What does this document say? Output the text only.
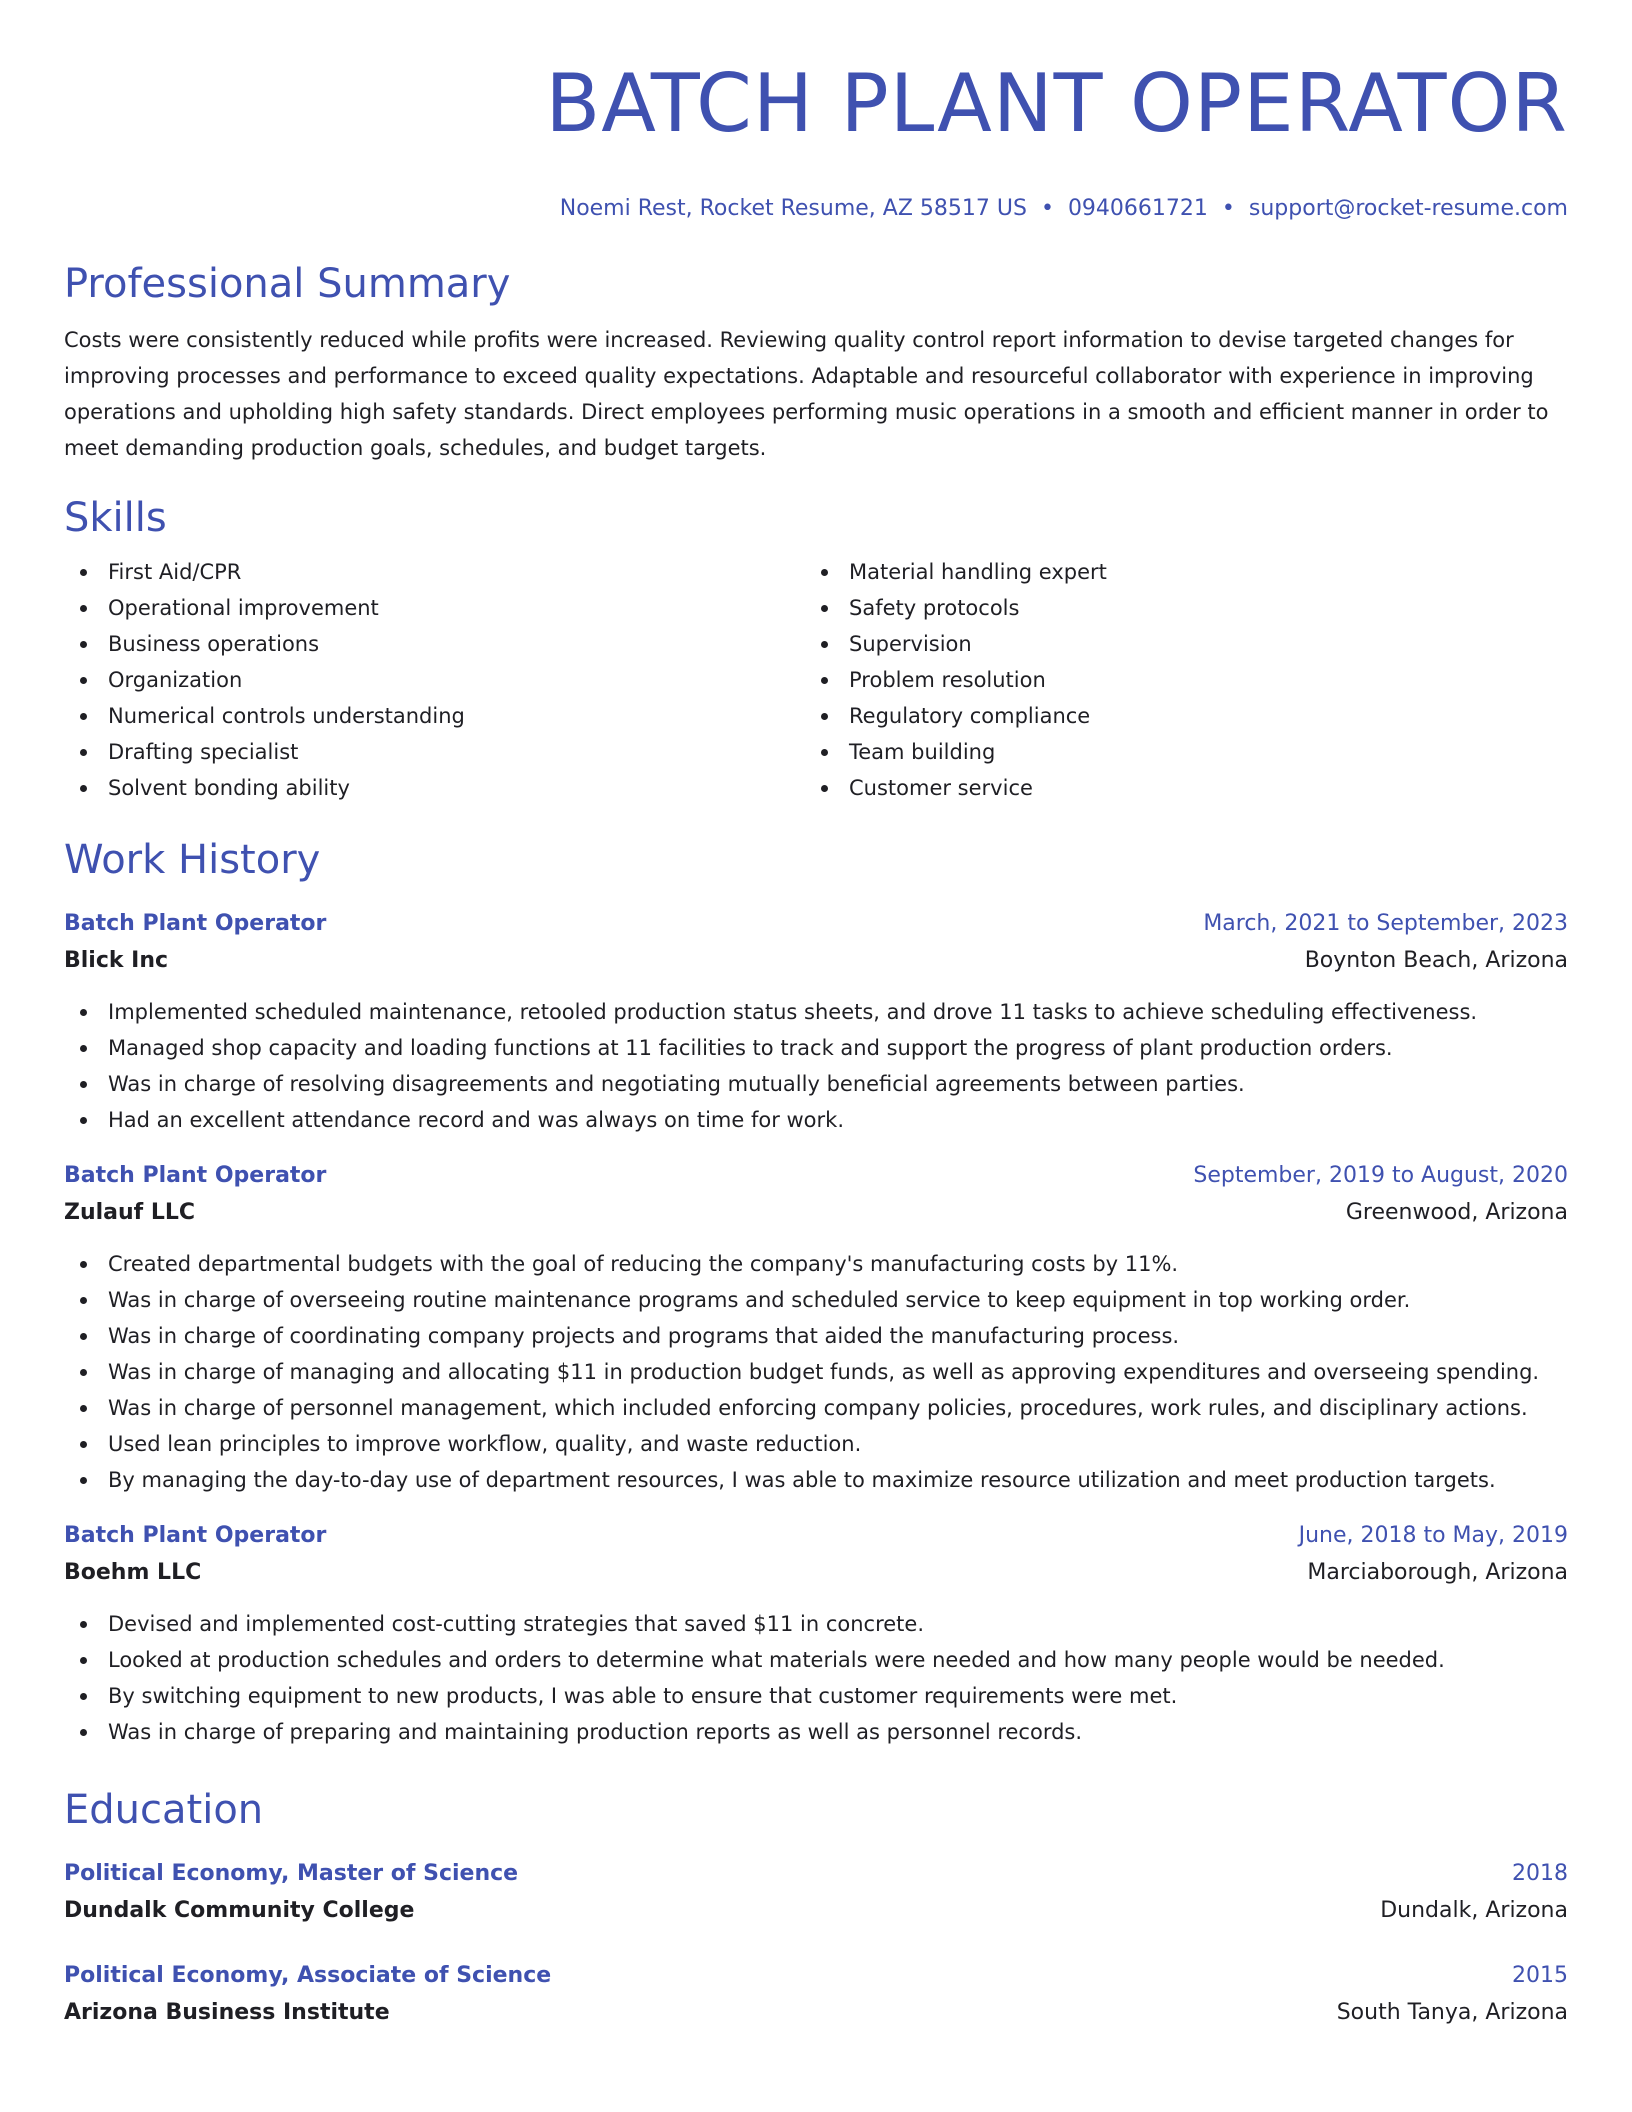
BATCH PLANT OPERATOR
Noemi Rest, Rocket Resume, AZ 58517 US • 0940661721 • support@rocket-resume.com
Professional Summary

Costs were consistently reduced while profits were increased. Reviewing quality control report information to devise targeted changes for improving processes and performance to exceed quality expectations. Adaptable and resourceful collaborator with experience in improving operations and upholding high safety standards. Direct employees performing music operations in a smooth and efficient manner in order to meet demanding production goals, schedules, and budget targets.

Skills
First Aid/CPR
Operational improvement
Business operations
Organization
Numerical controls understanding
Drafting specialist
Solvent bonding ability
Material handling expert
Safety protocols
Supervision
Problem resolution
Regulatory compliance
Team building
Customer service
Work History
Batch Plant Operator	March, 2021 to September, 2023
Blick Inc	Boynton Beach, Arizona
Implemented scheduled maintenance, retooled production status sheets, and drove 11 tasks to achieve scheduling effectiveness.
Managed shop capacity and loading functions at 11 facilities to track and support the progress of plant production orders.
Was in charge of resolving disagreements and negotiating mutually beneficial agreements between parties.
Had an excellent attendance record and was always on time for work.
Batch Plant Operator	September, 2019 to August, 2020
Zulauf LLC	Greenwood, Arizona
Created departmental budgets with the goal of reducing the company's manufacturing costs by 11%.
Was in charge of overseeing routine maintenance programs and scheduled service to keep equipment in top working order.
Was in charge of coordinating company projects and programs that aided the manufacturing process.
Was in charge of managing and allocating $11 in production budget funds, as well as approving expenditures and overseeing spending.
Was in charge of personnel management, which included enforcing company policies, procedures, work rules, and disciplinary actions.
Used lean principles to improve workflow, quality, and waste reduction.
By managing the day-to-day use of department resources, I was able to maximize resource utilization and meet production targets.
Batch Plant Operator	June, 2018 to May, 2019
Boehm LLC	Marciaborough, Arizona
Devised and implemented cost-cutting strategies that saved $11 in concrete.
Looked at production schedules and orders to determine what materials were needed and how many people would be needed.
By switching equipment to new products, I was able to ensure that customer requirements were met.
Was in charge of preparing and maintaining production reports as well as personnel records.
Education
Political Economy, Master of Science	2018
Dundalk Community College	Dundalk, Arizona
Political Economy, Associate of Science	2015
Arizona Business Institute	South Tanya, Arizona
